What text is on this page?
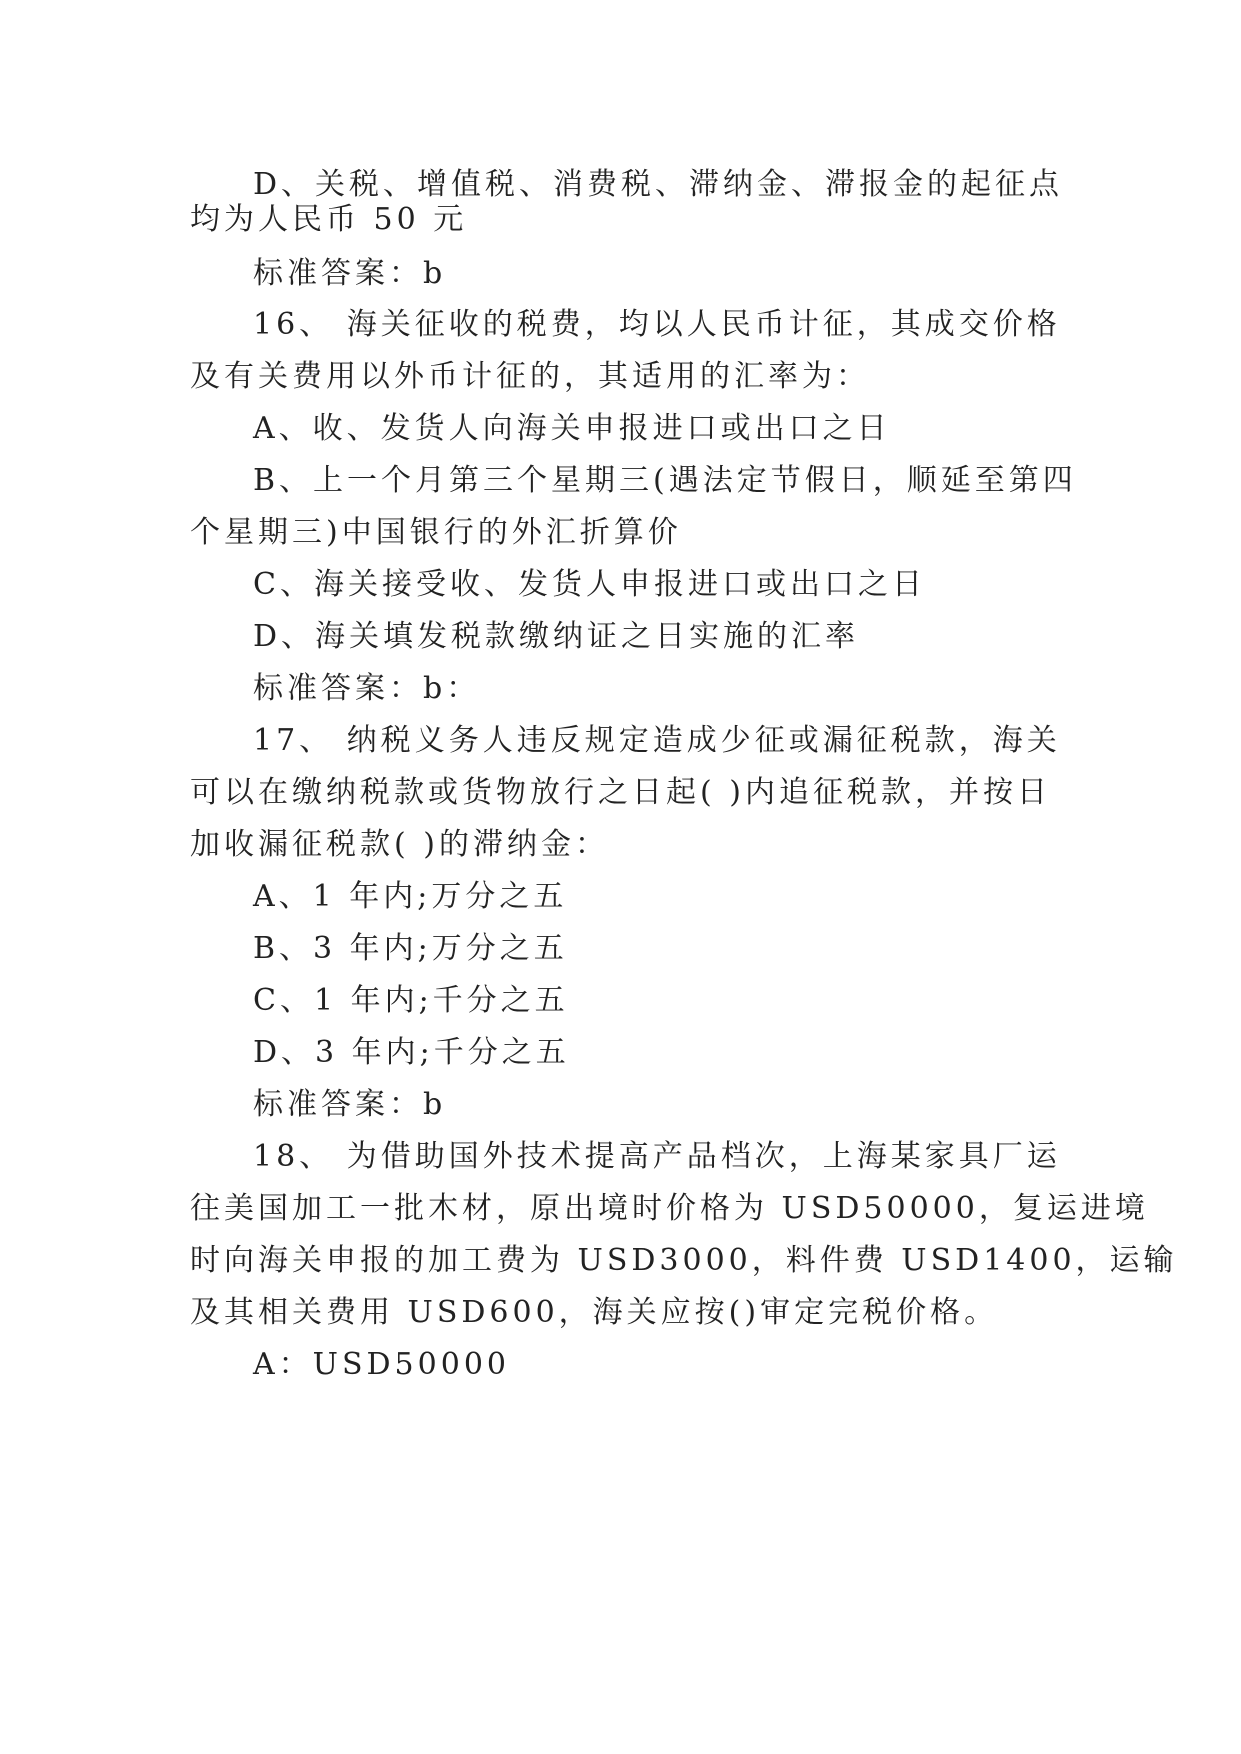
D、关税、增值税、消费税、滞纳金、滞报金的起征点
均为人民币 50 元
标准答案：b
16、 海关征收的税费，均以人民币计征，其成交价格
及有关费用以外币计征的，其适用的汇率为：
A、收、发货人向海关申报进口或出口之日
B、上一个月第三个星期三(遇法定节假日，顺延至第四
个星期三)中国银行的外汇折算价
C、海关接受收、发货人申报进口或出口之日
D、海关填发税款缴纳证之日实施的汇率
标准答案：b：
17、 纳税义务人违反规定造成少征或漏征税款，海关
可以在缴纳税款或货物放行之日起( )内追征税款，并按日
加收漏征税款( )的滞纳金：
A、1 年内;万分之五
B、3 年内;万分之五
C、1 年内;千分之五
D、3 年内;千分之五
标准答案：b
18、 为借助国外技术提高产品档次，上海某家具厂运
往美国加工一批木材，原出境时价格为 USD50000，复运进境
时向海关申报的加工费为 USD3000，料件费 USD1400，运输
及其相关费用 USD600，海关应按()审定完税价格。
A：USD50000
